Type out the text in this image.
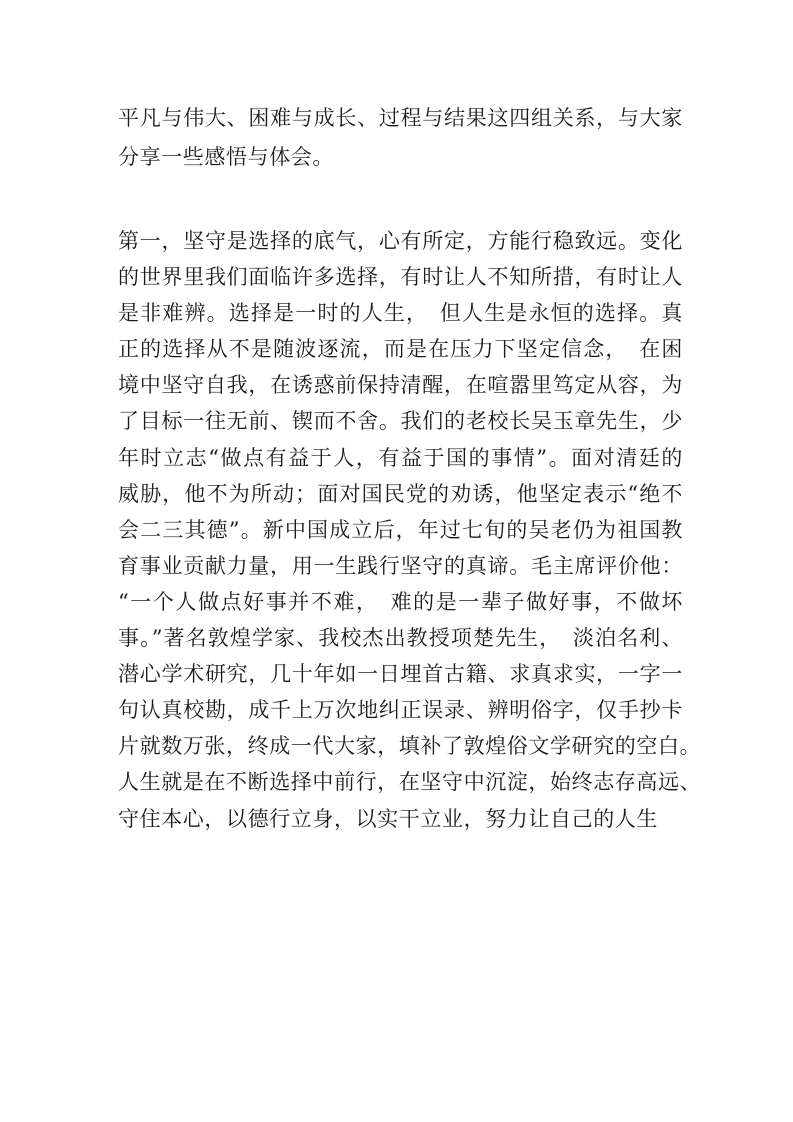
平凡与伟大、困难与成长、过程与结果这四组关系，与大家
分享一些感悟与体会。
第一，坚守是选择的底气，心有所定，方能行稳致远。变化
的世界里我们面临许多选择，有时让人不知所措，有时让人
是非难辨。选择是一时的人生，　但人生是永恒的选择。真
正的选择从不是随波逐流，而是在压力下坚定信念，　在困
境中坚守自我，在诱惑前保持清醒，在喧嚣里笃定从容，为
了目标一往无前、锲而不舍。我们的老校长吴玉章先生，少
年时立志“做点有益于人，有益于国的事情”。面对清廷的
威胁，他不为所动；面对国民党的劝诱，他坚定表示“绝不
会二三其德”。新中国成立后，年过七旬的吴老仍为祖国教
育事业贡献力量，用一生践行坚守的真谛。毛主席评价他：
“一个人做点好事并不难，　难的是一辈子做好事，不做坏
事。”著名敦煌学家、我校杰出教授项楚先生，　淡泊名利、
潜心学术研究，几十年如一日埋首古籍、求真求实，一字一
句认真校勘，成千上万次地纠正误录、辨明俗字，仅手抄卡
片就数万张，终成一代大家，填补了敦煌俗文学研究的空白。
人生就是在不断选择中前行，在坚守中沉淀，始终志存高远、
守住本心，以德行立身，以实干立业，努力让自己的人生
